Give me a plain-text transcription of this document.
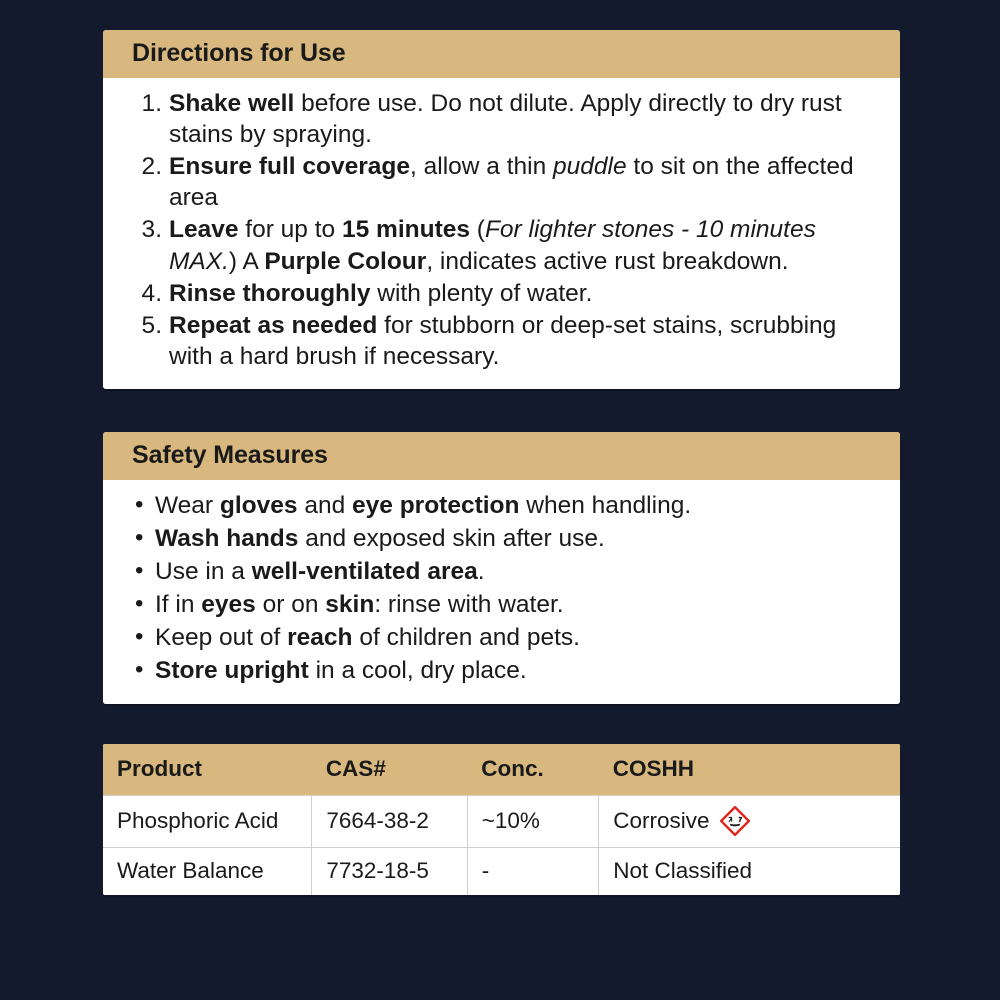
Directions for Use
Shake well before use. Do not dilute. Apply directly to dry rust stains by spraying.
Ensure full coverage, allow a thin puddle to sit on the affected area
Leave for up to 15 minutes (For lighter stones - 10 minutes MAX.) A Purple Colour, indicates active rust breakdown.
Rinse thoroughly with plenty of water.
Repeat as needed for stubborn or deep-set stains, scrubbing with a hard brush if necessary.
Safety Measures
• Wear gloves and eye protection when handling.
• Wash hands and exposed skin after use.
• Use in a well-ventilated area.
• If in eyes or on skin: rinse with water.
• Keep out of reach of children and pets.
• Store upright in a cool, dry place.
Product	CAS#	Conc.	COSHH
Phosphoric Acid	7664-38-2	~10%	Corrosive

Water Balance	7732-18-5	-	Not Classified
